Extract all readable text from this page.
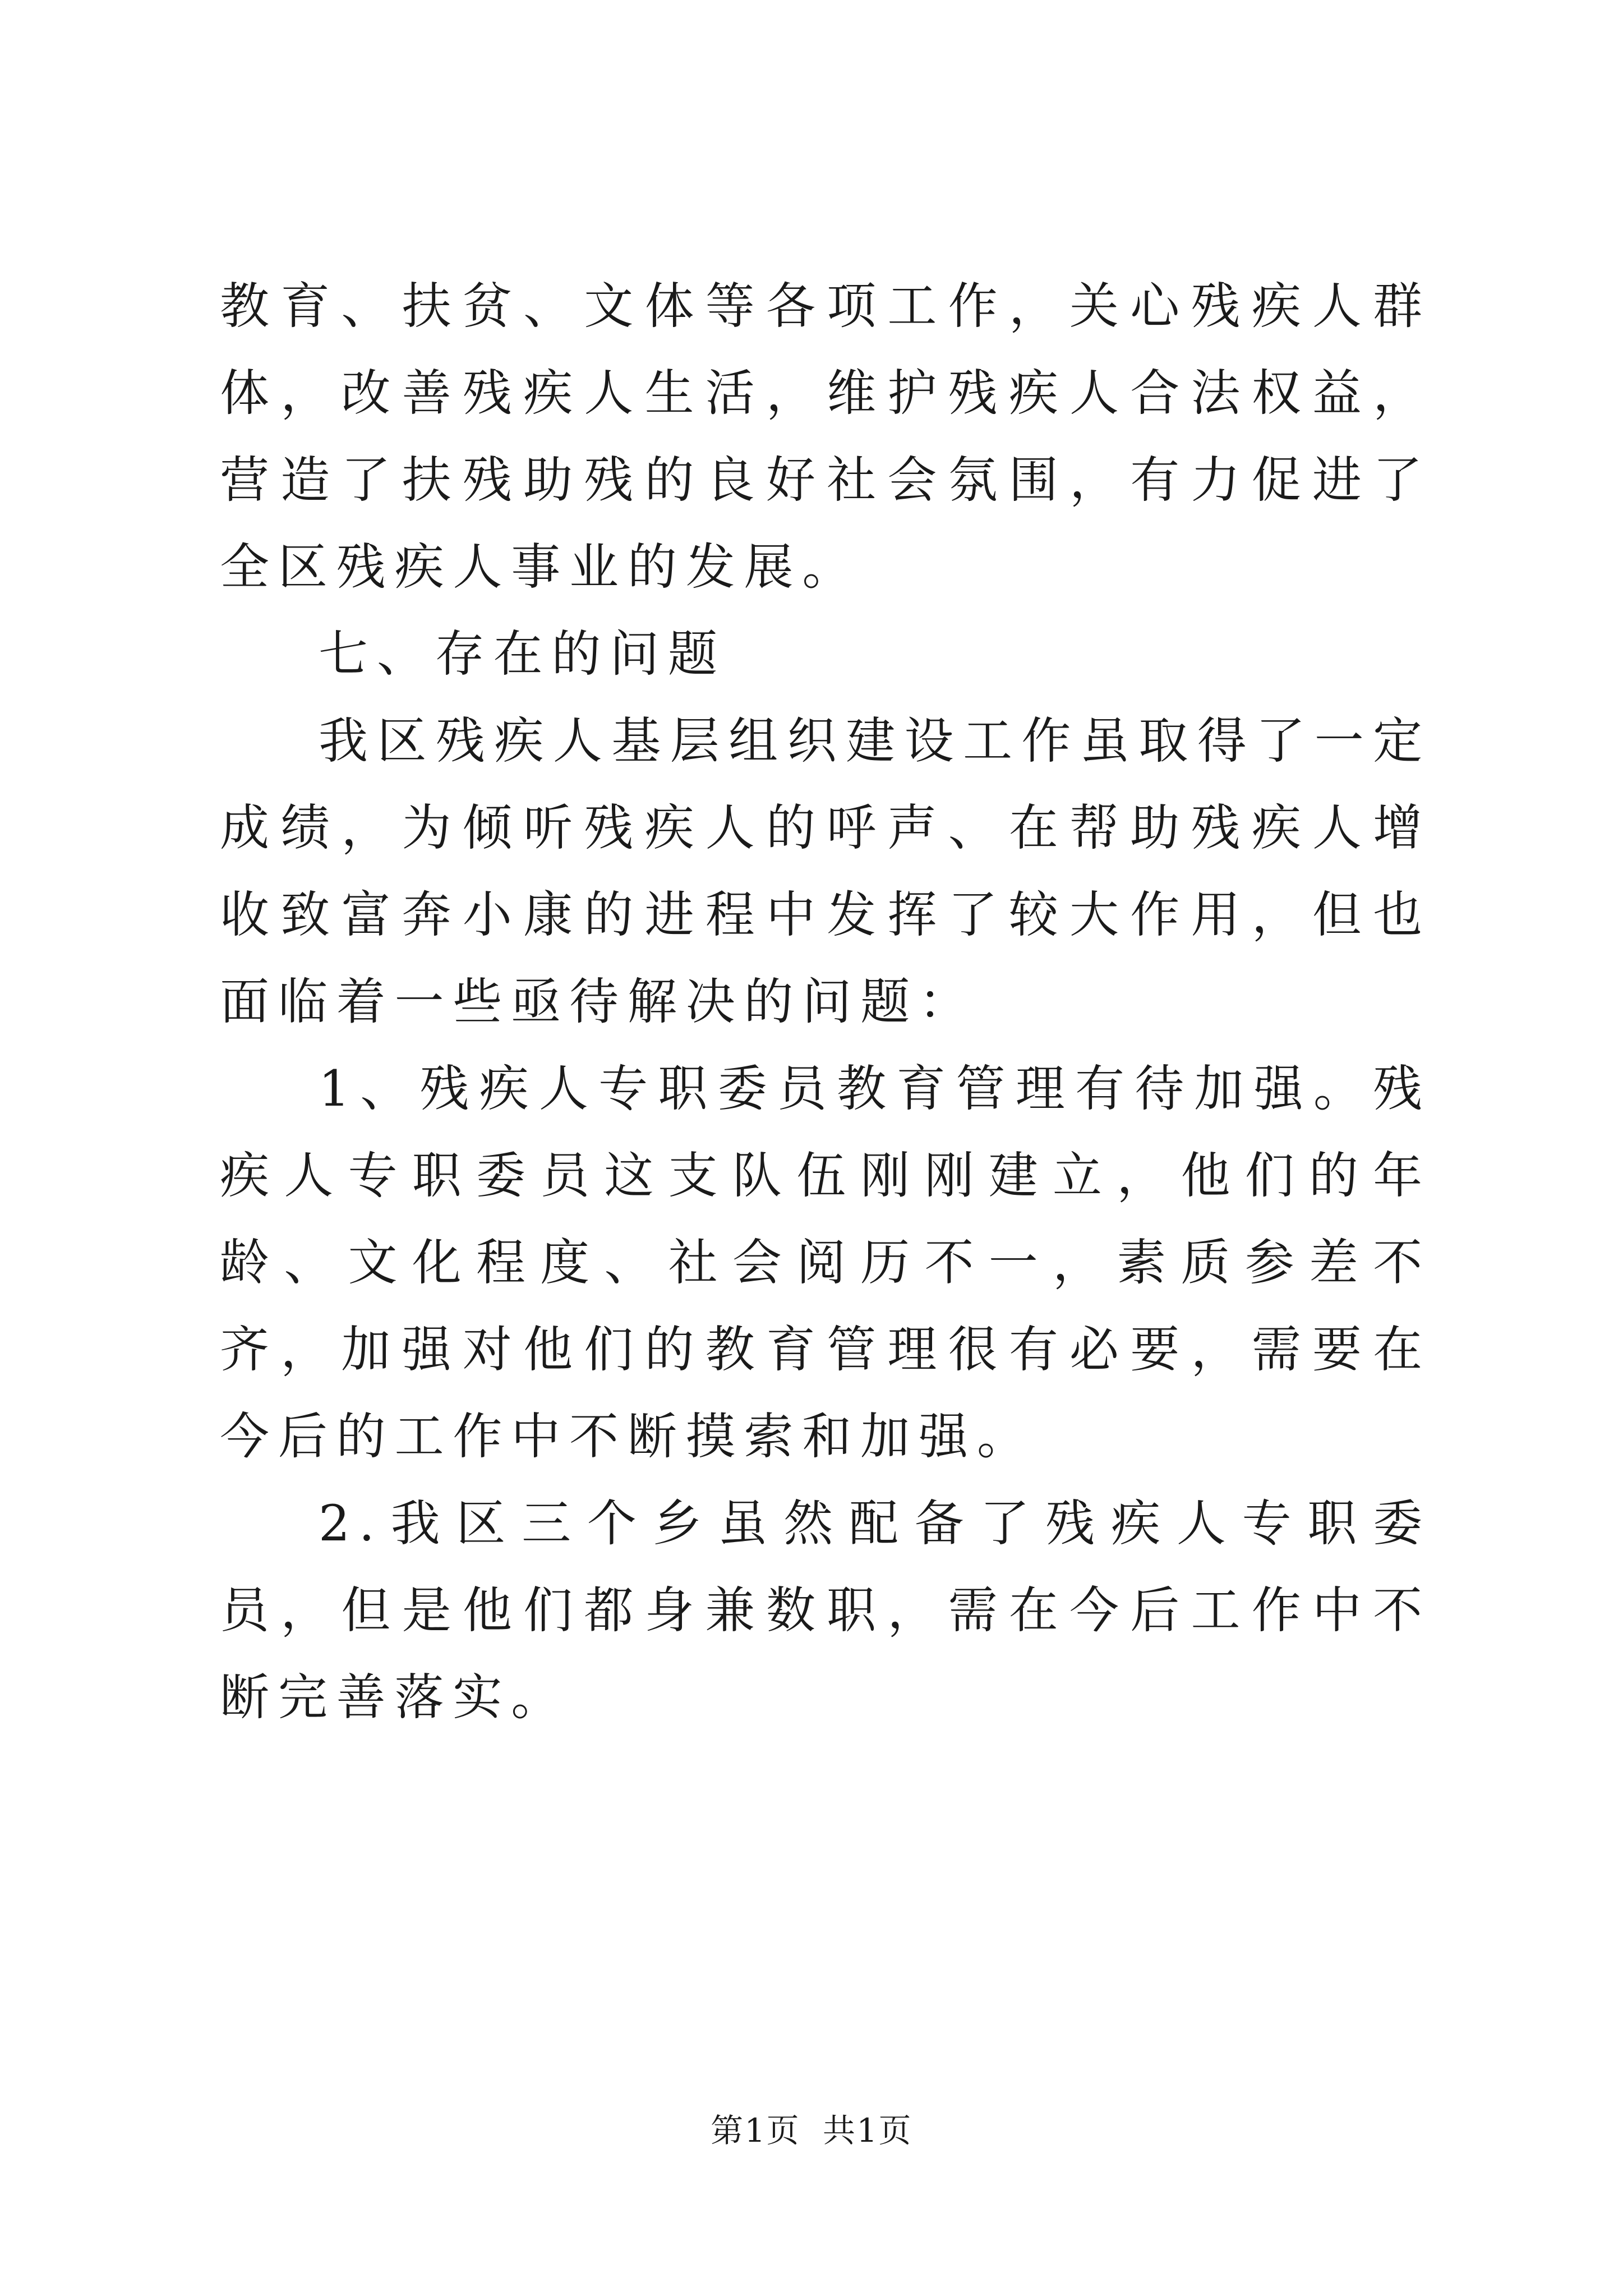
教育、扶贫、文体等各项工作，关心残疾人群体，改善残疾人生活，维护残疾人合法权益，营造了扶残助残的良好社会氛围，有力促进了全区残疾人事业的发展。

七、存在的问题

我区残疾人基层组织建设工作虽取得了一定成绩，为倾听残疾人的呼声、在帮助残疾人增收致富奔小康的进程中发挥了较大作用，但也面临着一些亟待解决的问题：

1、残疾人专职委员教育管理有待加强。残疾人专职委员这支队伍刚刚建立，他们的年龄、文化程度、社会阅历不一，素质参差不齐，加强对他们的教育管理很有必要，需要在今后的工作中不断摸索和加强。

2.我区三个乡虽然配备了残疾人专职委员，但是他们都身兼数职，需在今后工作中不断完善落实。

第1页 共1页
